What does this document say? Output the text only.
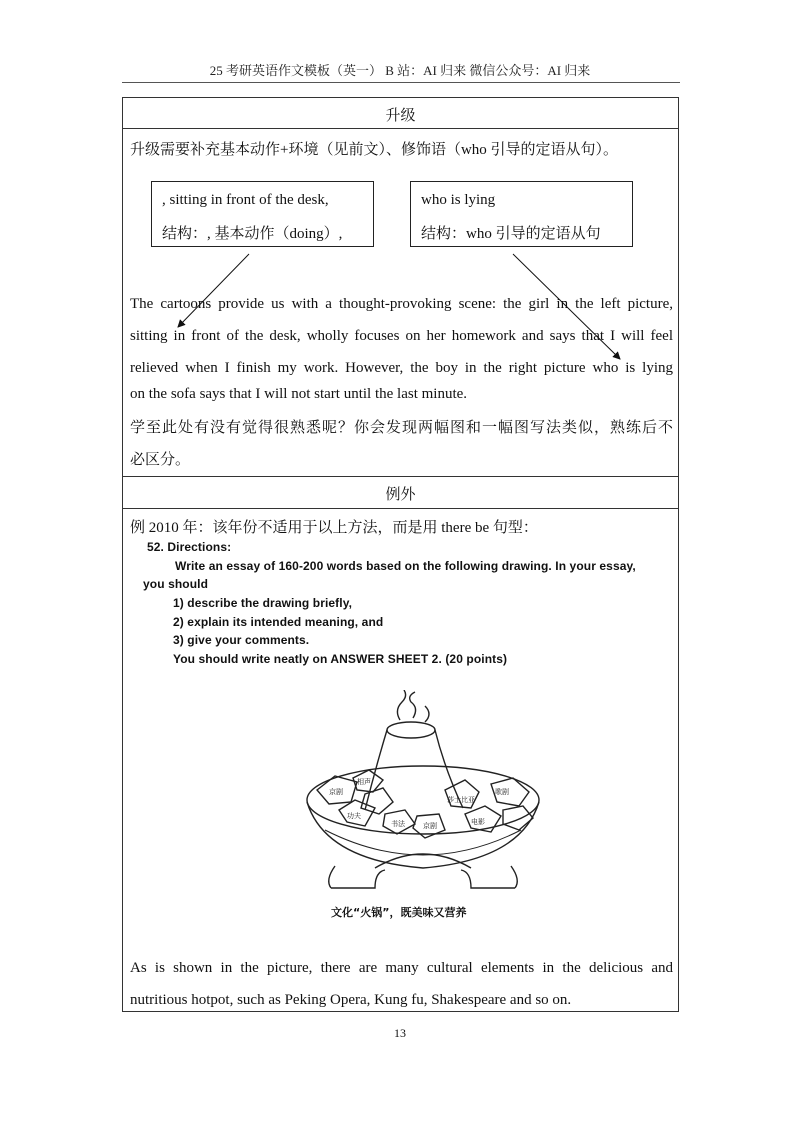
25 考研英语作文模板（英一） B 站：AI 归来 微信公众号：AI 归来
升级
升级需要补充基本动作+环境（见前文）、修饰语（who 引导的定语从句）。
, sitting in front of the desk,
结构：, 基本动作（doing）,
who is lying
结构：who 引导的定语从句
The cartoons provide us with a thought-provoking scene: the girl in the left picture,
sitting in front of the desk, wholly focuses on her homework and says that I will feel
relieved when I finish my work. However, the boy in the right picture who is lying
on the sofa says that I will not start until the last minute.
学至此处有没有觉得很熟悉呢？你会发现两幅图和一幅图写法类似，熟练后不
必区分。
例外
例 2010 年：该年份不适用于以上方法，而是用 there be 句型：
52. Directions:
Write an essay of 160-200 words based on the following drawing. In your essay,
you should
1) describe the drawing briefly,
2) explain its intended meaning, and
3) give your comments.
You should write neatly on ANSWER SHEET 2. (20 points)
京剧
相声
功夫
莎士比亚
歌剧
书法	电影
京剧
文化“火锅”，既美味又营养
As is shown in the picture, there are many cultural elements in the delicious and
nutritious hotpot, such as Peking Opera, Kung fu, Shakespeare and so on.
13
